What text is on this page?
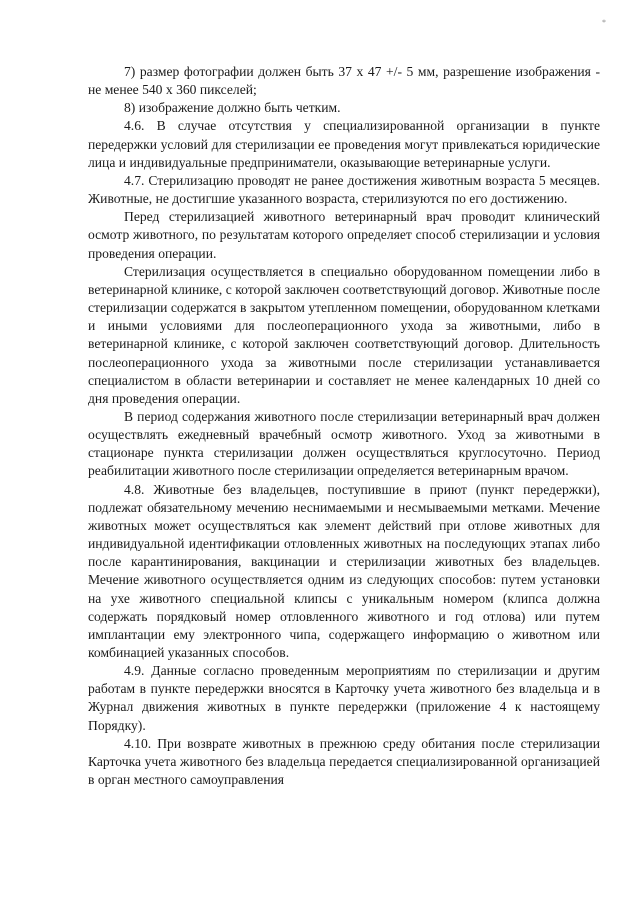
*

7) размер фотографии должен быть 37 х 47 +/- 5 мм, разрешение изображения - не менее 540 х 360 пикселей;

8) изображение должно быть четким.

4.6. В случае отсутствия у специализированной организации в пункте передержки условий для стерилизации ее проведения могут привлекаться юридические лица и индивидуальные предприниматели, оказывающие ветеринарные услуги.

4.7. Стерилизацию проводят не ранее достижения животным возраста 5 месяцев. Животные, не достигшие указанного возраста, стерилизуются по его достижению.

Перед стерилизацией животного ветеринарный врач проводит клинический осмотр животного, по результатам которого определяет способ стерилизации и условия проведения операции.

Стерилизация осуществляется в специально оборудованном помещении либо в ветеринарной клинике, с которой заключен соответствующий договор. Животные после стерилизации содержатся в закрытом утепленном помещении, оборудованном клетками и иными условиями для послеоперационного ухода за животными, либо в ветеринарной клинике, с которой заключен соответствующий договор. Длительность послеоперационного ухода за животными после стерилизации устанавливается специалистом в области ветеринарии и составляет не менее календарных 10 дней со дня проведения операции.

В период содержания животного после стерилизации ветеринарный врач должен осуществлять ежедневный врачебный осмотр животного. Уход за животными в стационаре пункта стерилизации должен осуществляться круглосуточно. Период реабилитации животного после стерилизации определяется ветеринарным врачом.

4.8. Животные без владельцев, поступившие в приют (пункт передержки), подлежат обязательному мечению неснимаемыми и несмываемыми метками. Мечение животных может осуществляться как элемент действий при отлове животных для индивидуальной идентификации отловленных животных на последующих этапах либо после карантинирования, вакцинации и стерилизации животных без владельцев. Мечение животного осуществляется одним из следующих способов: путем установки на ухе животного специальной клипсы с уникальным номером (клипса должна содержать порядковый номер отловленного животного и год отлова) или путем имплантации ему электронного чипа, содержащего информацию о животном или комбинацией указанных способов.

4.9. Данные согласно проведенным мероприятиям по стерилизации и другим работам в пункте передержки вносятся в Карточку учета животного без владельца и в Журнал движения животных в пункте передержки (приложение 4 к настоящему Порядку).

4.10. При возврате животных в прежнюю среду обитания после стерилизации Карточка учета животного без владельца передается специализированной организацией в орган местного самоуправления
